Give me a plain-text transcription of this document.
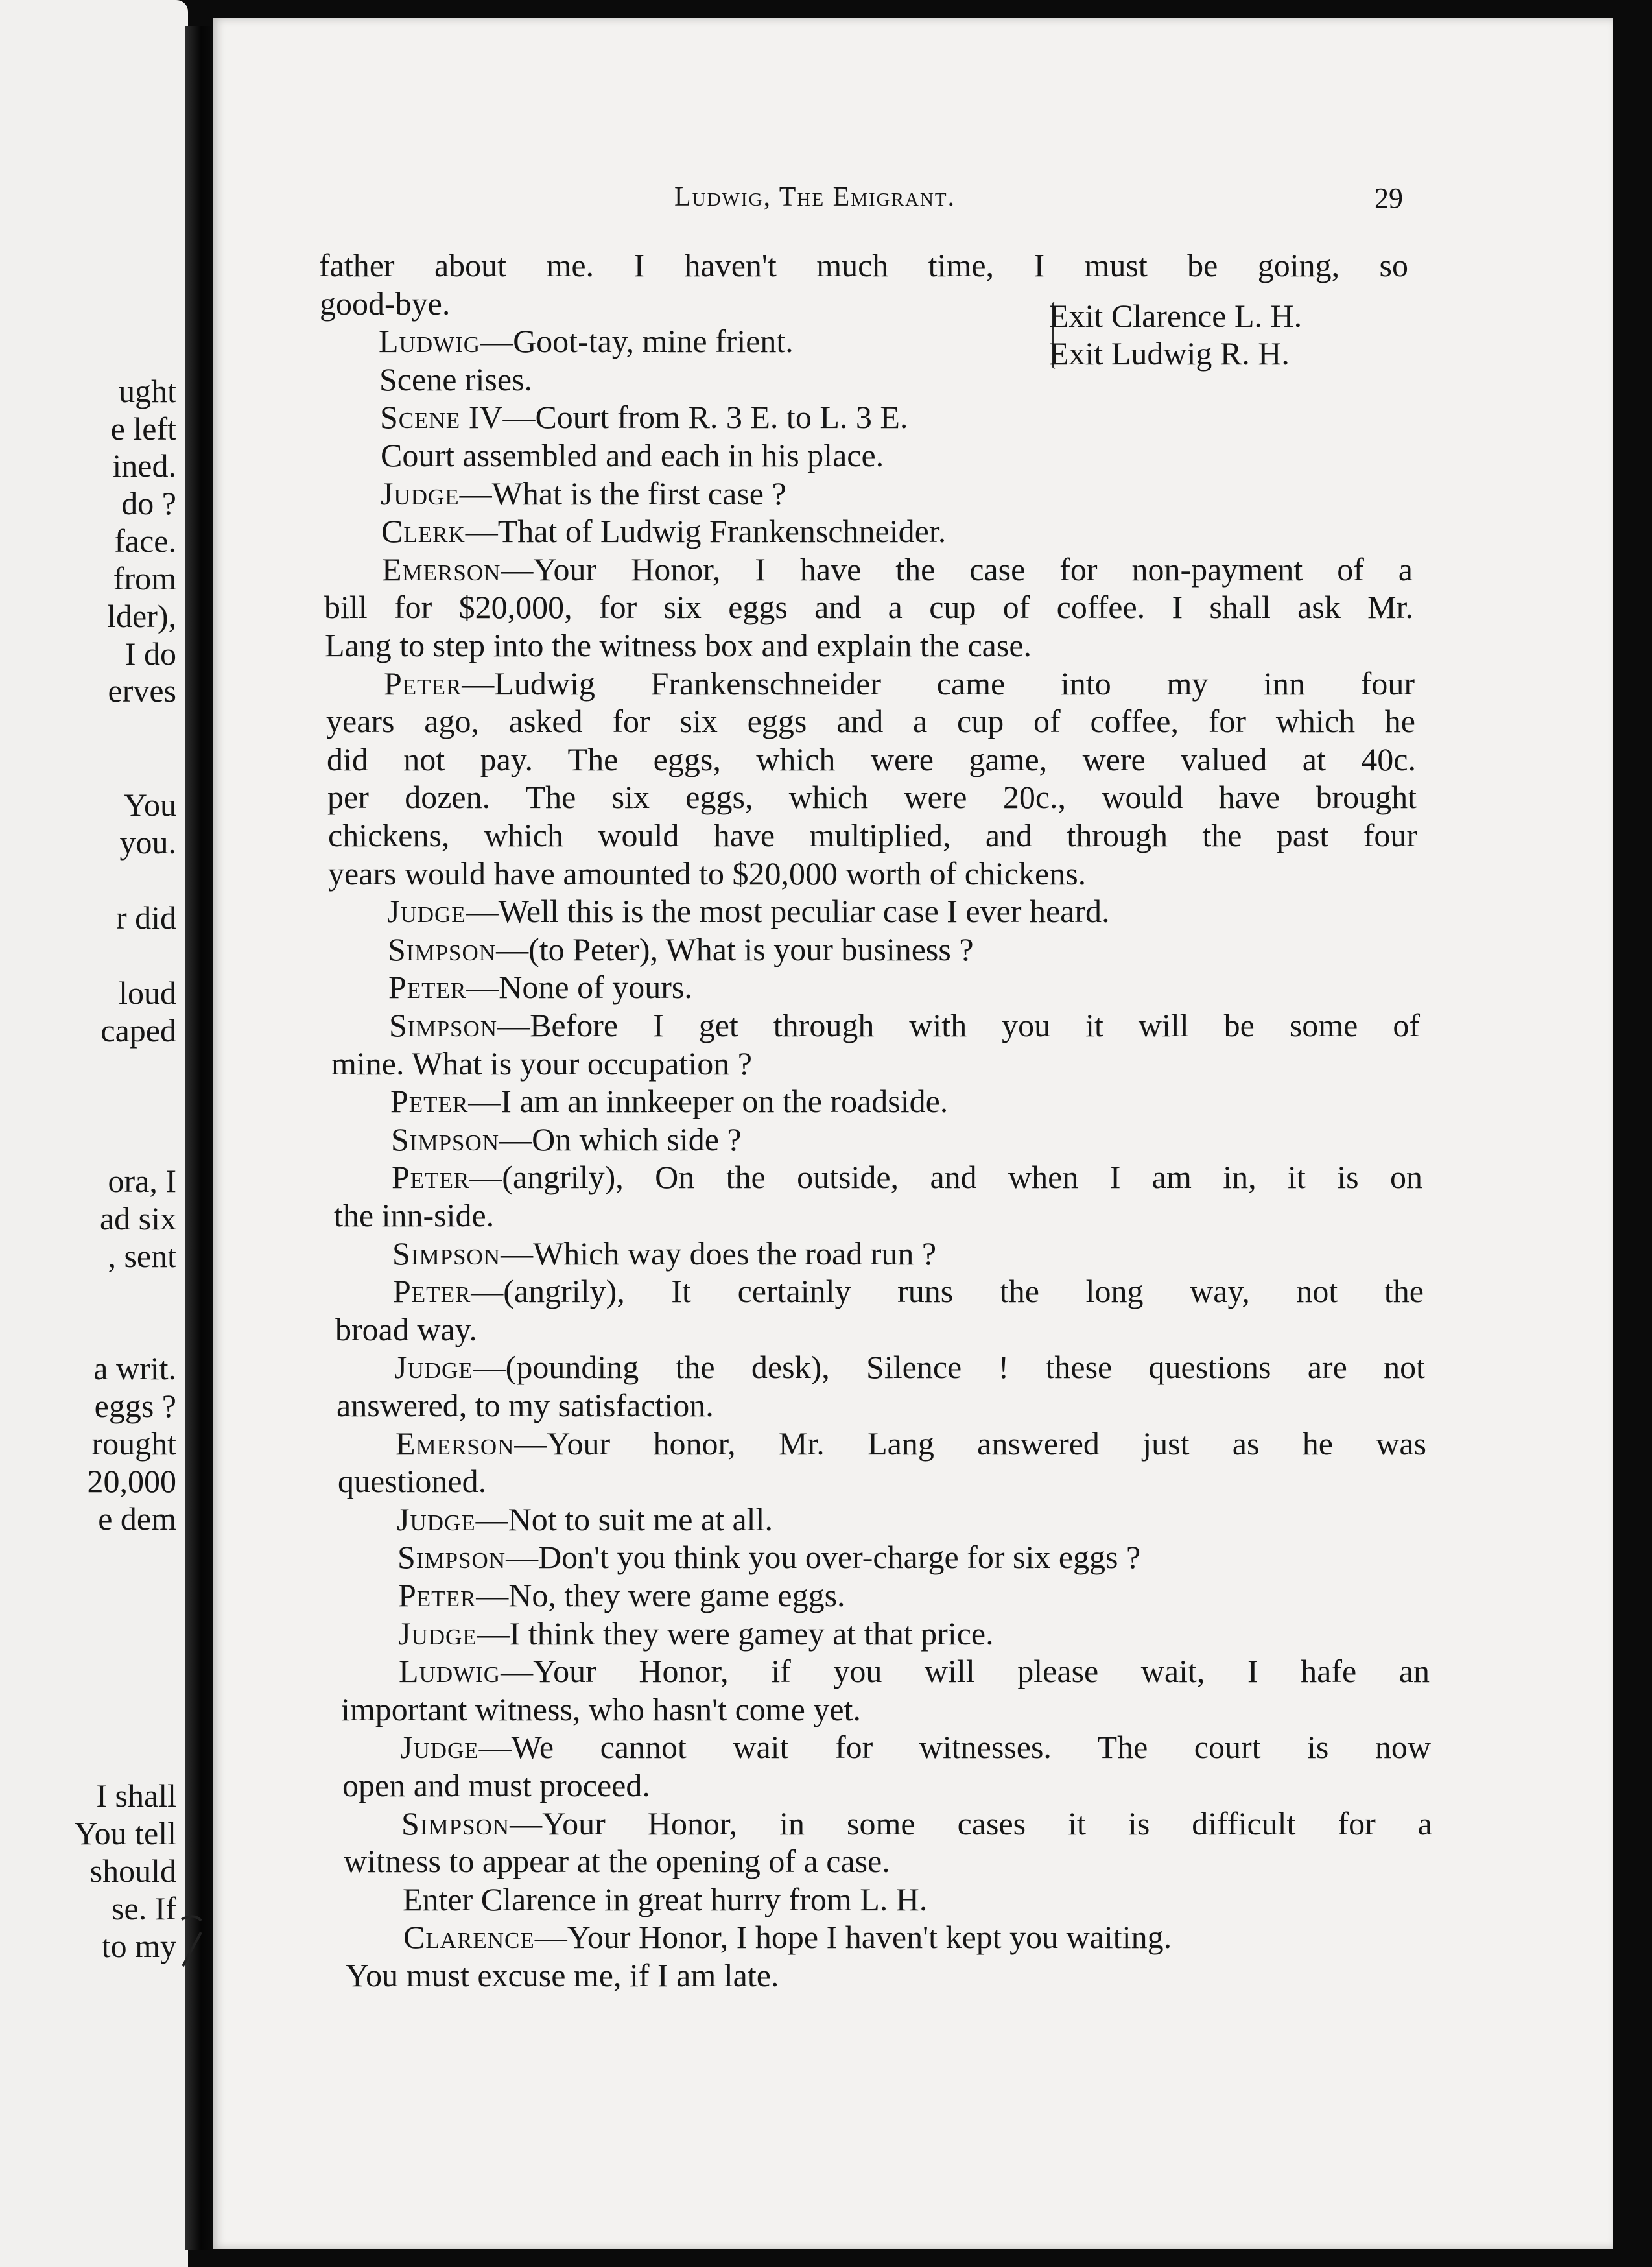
ught
e left
ined.
do ?
face.
from
lder),
I do
erves
You
you.
r did
loud
caped
ora, I
ad six
, sent
a writ.
eggs ?
rought
20,000
e dem
I shall
You tell
should
se. If
to my
Ludwig, The Emigrant.	29
Exit Clarence L. H.
Exit Ludwig R. H.
father about me. I haven't much time, I must be going, so
good-bye.
Ludwig—Goot-tay, mine frient.
Scene rises.
Scene IV—Court from R. 3 E. to L. 3 E.
Court assembled and each in his place.
Judge—What is the first case ?
Clerk—That of Ludwig Frankenschneider.
Emerson—Your Honor, I have the case for non-payment of a
bill for $20,000, for six eggs and a cup of coffee. I shall ask Mr.
Lang to step into the witness box and explain the case.
Peter—Ludwig Frankenschneider came into my inn four
years ago, asked for six eggs and a cup of coffee, for which he
did not pay. The eggs, which were game, were valued at 40c.
per dozen. The six eggs, which were 20c., would have brought
chickens, which would have multiplied, and through the past four
years would have amounted to $20,000 worth of chickens.
Judge—Well this is the most peculiar case I ever heard.
Simpson—(to Peter), What is your business ?
Peter—None of yours.
Simpson—Before I get through with you it will be some of
mine. What is your occupation ?
Peter—I am an innkeeper on the roadside.
Simpson—On which side ?
Peter—(angrily), On the outside, and when I am in, it is on
the inn-side.
Simpson—Which way does the road run ?
Peter—(angrily), It certainly runs the long way, not the
broad way.
Judge—(pounding the desk), Silence ! these questions are not
answered, to my satisfaction.
Emerson—Your honor, Mr. Lang answered just as he was
questioned.
Judge—Not to suit me at all.
Simpson—Don't you think you over-charge for six eggs ?
Peter—No, they were game eggs.
Judge—I think they were gamey at that price.
Ludwig—Your Honor, if you will please wait, I hafe an
important witness, who hasn't come yet.
Judge—We cannot wait for witnesses. The court is now
open and must proceed.
Simpson—Your Honor, in some cases it is difficult for a
witness to appear at the opening of a case.
Enter Clarence in great hurry from L. H.
Clarence—Your Honor, I hope I haven't kept you waiting.
You must excuse me, if I am late.
